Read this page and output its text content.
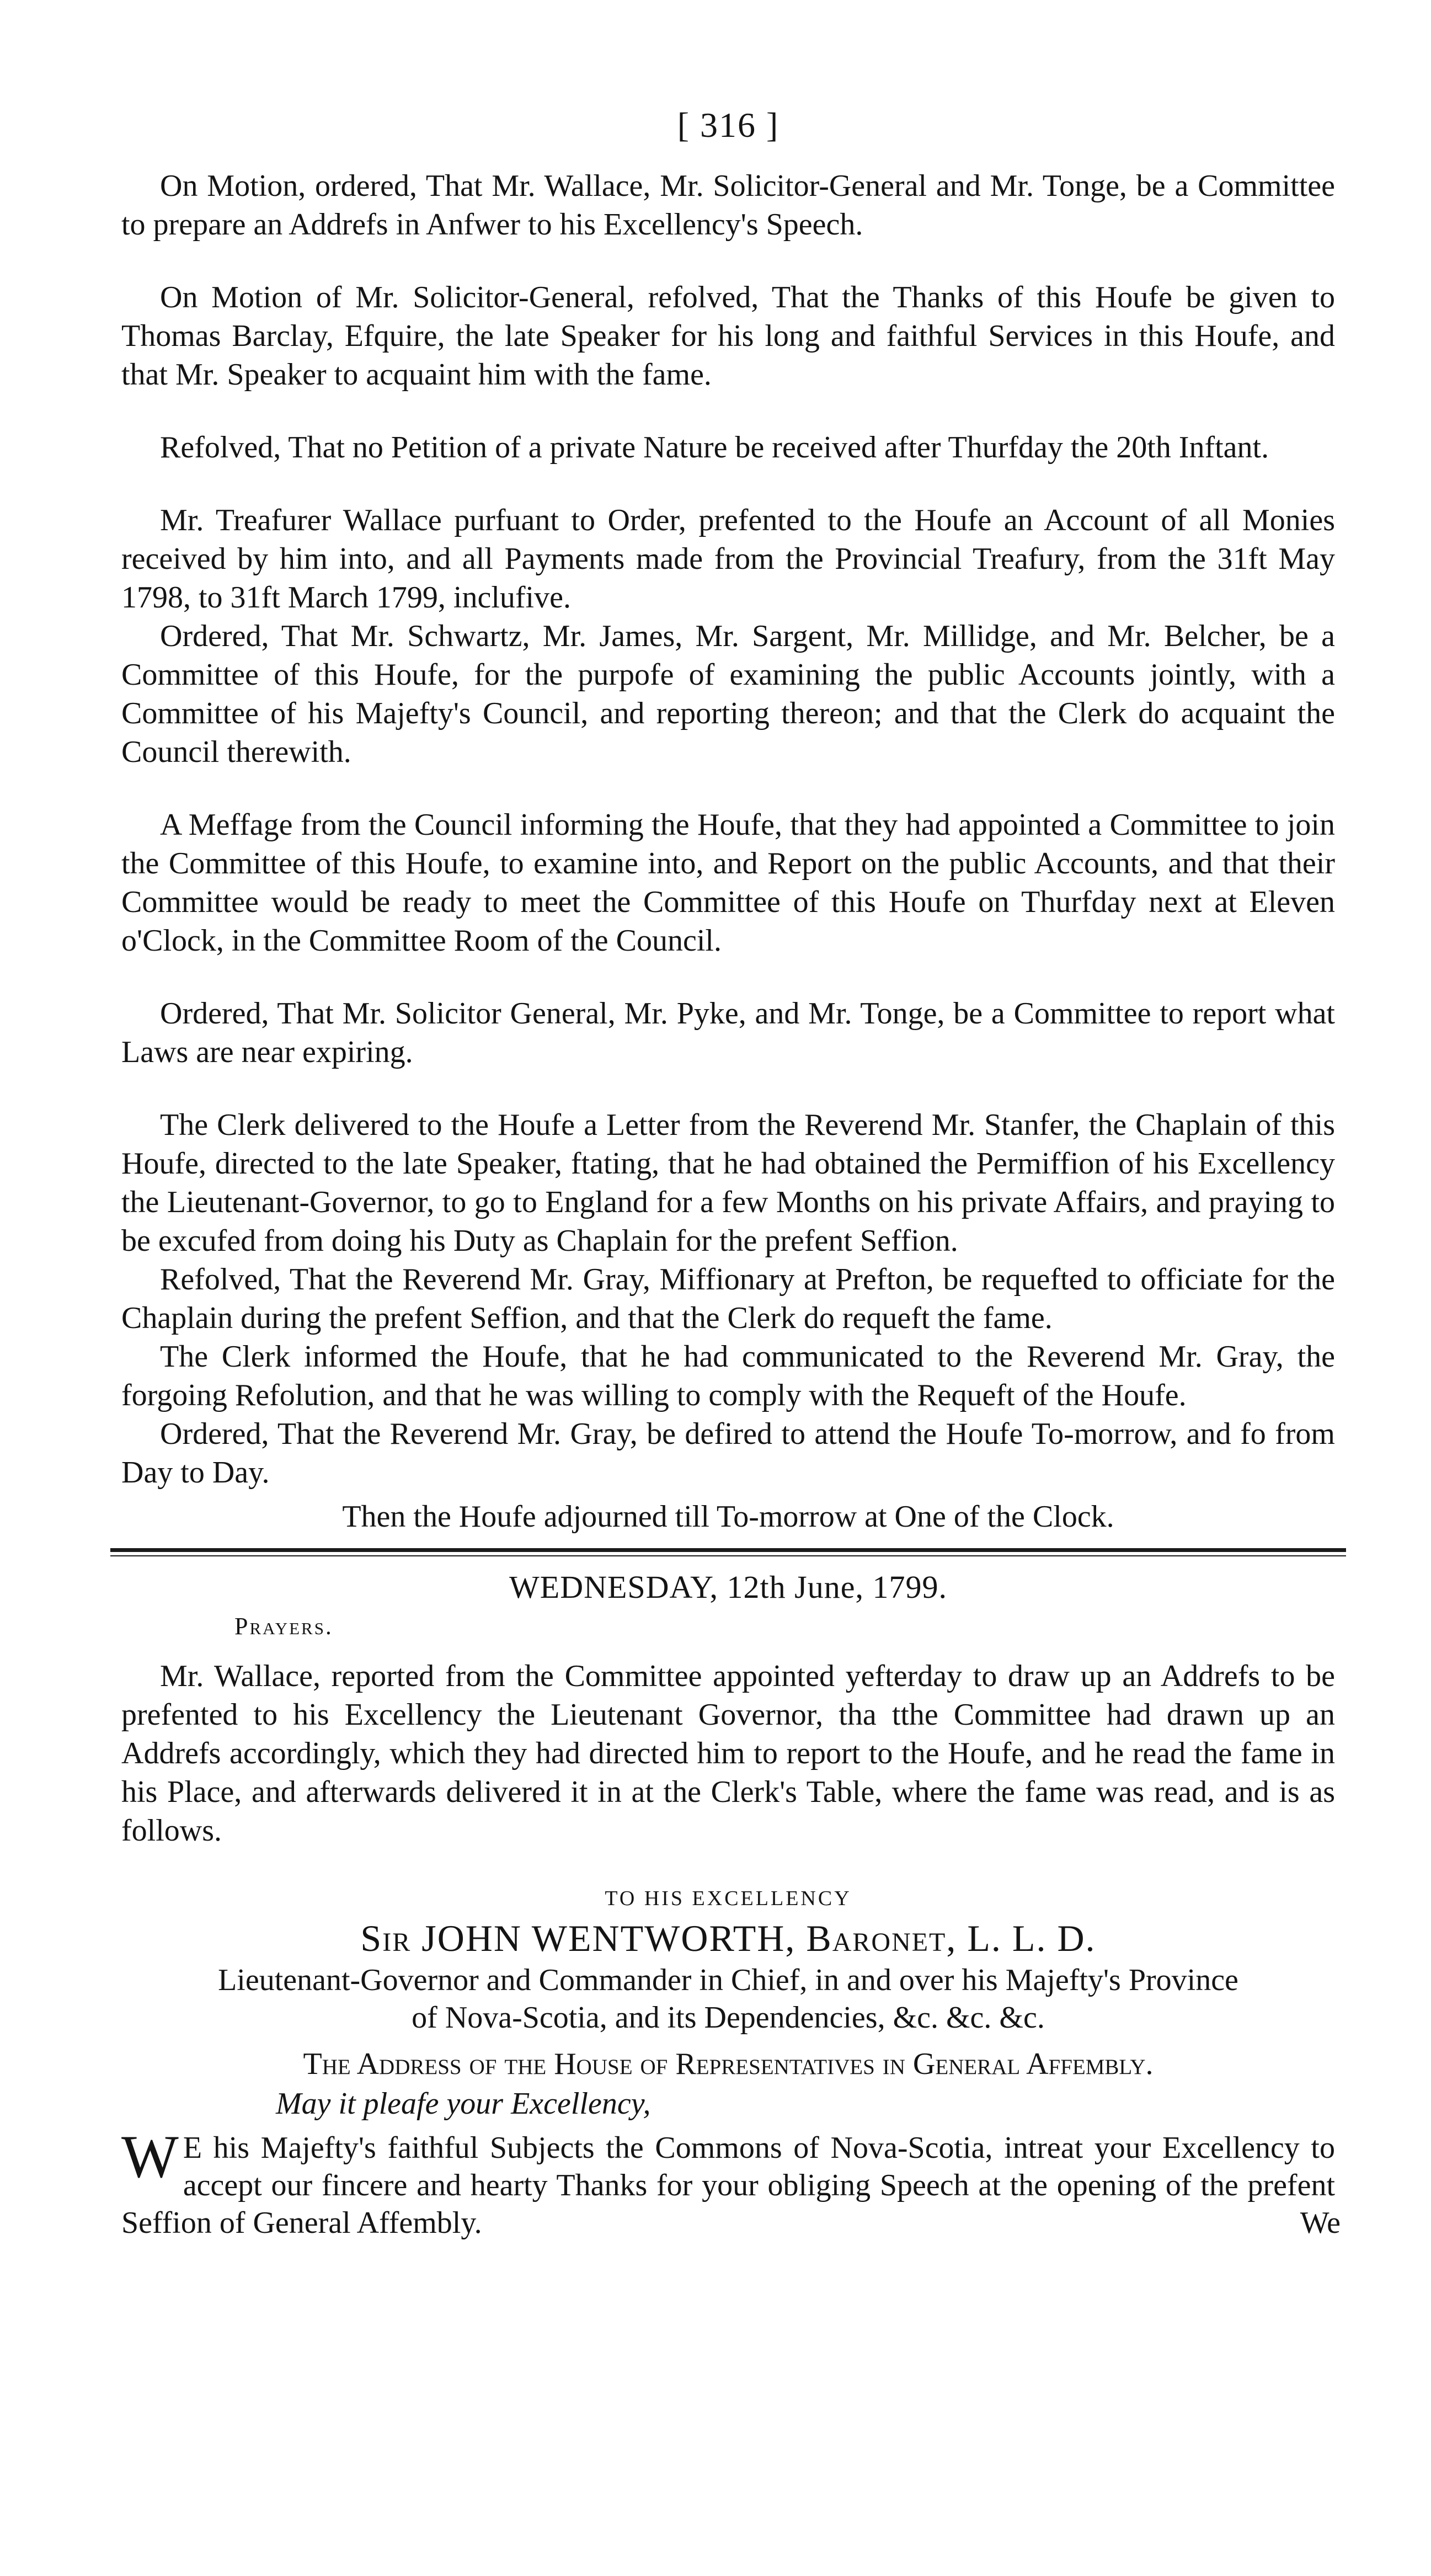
[ 316 ]

On Motion, ordered, That Mr. Wallace, Mr. Solicitor-General and Mr. Tonge, be a Committee to prepare an Addrefs in Anfwer to his Excellency's Speech.

On Motion of Mr. Solicitor-General, refolved, That the Thanks of this Houfe be given to Thomas Barclay, Efquire, the late Speaker for his long and faithful Services in this Houfe, and that Mr. Speaker to acquaint him with the fame.

Refolved, That no Petition of a private Nature be received after Thurfday the 20th Inftant.

Mr. Treafurer Wallace purfuant to Order, prefented to the Houfe an Account of all Monies received by him into, and all Payments made from the Provincial Treafury, from the 31ft May 1798, to 31ft March 1799, inclufive.

Ordered, That Mr. Schwartz, Mr. James, Mr. Sargent, Mr. Millidge, and Mr. Belcher, be a Committee of this Houfe, for the purpofe of examining the public Accounts jointly, with a Committee of his Majefty's Council, and reporting thereon; and that the Clerk do acquaint the Council therewith.

A Meffage from the Council informing the Houfe, that they had appointed a Committee to join the Committee of this Houfe, to examine into, and Report on the public Accounts, and that their Committee would be ready to meet the Committee of this Houfe on Thurfday next at Eleven o'Clock, in the Committee Room of the Council.

Ordered, That Mr. Solicitor General, Mr. Pyke, and Mr. Tonge, be a Committee to report what Laws are near expiring.

The Clerk delivered to the Houfe a Letter from the Reverend Mr. Stanfer, the Chaplain of this Houfe, directed to the late Speaker, ftating, that he had obtained the Permiffion of his Excellency the Lieutenant-Governor, to go to England for a few Months on his private Affairs, and praying to be excufed from doing his Duty as Chaplain for the prefent Seffion.

Refolved, That the Reverend Mr. Gray, Miffionary at Prefton, be requefted to officiate for the Chaplain during the prefent Seffion, and that the Clerk do requeft the fame.

The Clerk informed the Houfe, that he had communicated to the Reverend Mr. Gray, the forgoing Refolution, and that he was willing to comply with the Requeft of the Houfe.

Ordered, That the Reverend Mr. Gray, be defired to attend the Houfe To-morrow, and fo from Day to Day.

Then the Houfe adjourned till To-morrow at One of the Clock.

WEDNESDAY, 12th June, 1799.
Prayers.

Mr. Wallace, reported from the Committee appointed yefterday to draw up an Addrefs to be prefented to his Excellency the Lieutenant Governor, tha tthe Committee had drawn up an Addrefs accordingly, which they had directed him to report to the Houfe, and he read the fame in his Place, and afterwards delivered it in at the Clerk's Table, where the fame was read, and is as follows.

TO HIS EXCELLENCY
Sir JOHN WENTWORTH, Baronet, L. L. D.
Lieutenant-Governor and Commander in Chief, in and over his Majefty's Province
of Nova-Scotia, and its Dependencies, &c. &c. &c.
The Address of the House of Representatives in General Affembly.
May it pleafe your Excellency,
W E his Majefty's faithful Subjects the Commons of Nova-Scotia, intreat your Excellency to accept our fincere and hearty Thanks for your obliging Speech at the opening of the prefent Seffion of General Affembly.	We
